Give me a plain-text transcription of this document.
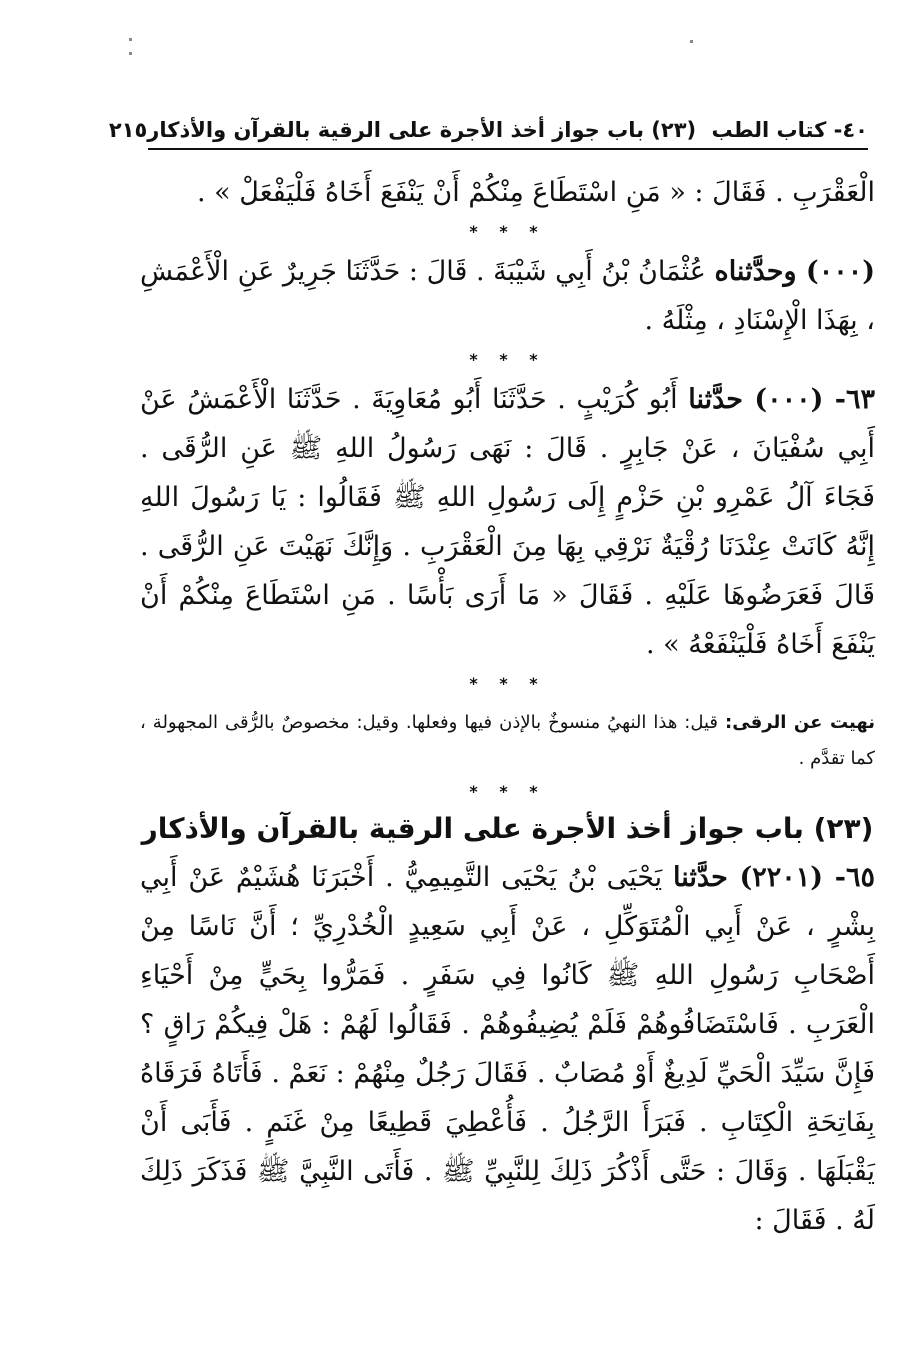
٤٠- كتاب الطب (٢٣) باب جواز أخذ الأجرة على الرقية بالقرآن والأذكار
٢١٥

الْعَقْرَبِ . فَقَالَ : « مَنِ اسْتَطَاعَ مِنْكُمْ أَنْ يَنْفَعَ أَخَاهُ فَلْيَفْعَلْ » .

* * *

(٠٠٠) وحدَّثناه عُثْمَانُ بْنُ أَبِي شَيْبَةَ . قَالَ : حَدَّثَنَا جَرِيرٌ عَنِ الْأَعْمَشِ ، بِهَذَا الْإِسْنَادِ ، مِثْلَهُ .

* * *

٦٣- (٠٠٠) حدَّثنا أَبُو كُرَيْبٍ . حَدَّثَنَا أَبُو مُعَاوِيَةَ . حَدَّثَنَا الْأَعْمَشُ عَنْ أَبِي سُفْيَانَ ، عَنْ جَابِرٍ . قَالَ : نَهَى رَسُولُ اللهِ ﷺ عَنِ الرُّقَى . فَجَاءَ آلُ عَمْرِو بْنِ حَزْمٍ إِلَى رَسُولِ اللهِ ﷺ فَقَالُوا : يَا رَسُولَ اللهِ إِنَّهُ كَانَتْ عِنْدَنَا رُقْيَةٌ نَرْقِي بِهَا مِنَ الْعَقْرَبِ . وَإِنَّكَ نَهَيْتَ عَنِ الرُّقَى . قَالَ فَعَرَضُوهَا عَلَيْهِ . فَقَالَ « مَا أَرَى بَأْسًا . مَنِ اسْتَطَاعَ مِنْكُمْ أَنْ يَنْفَعَ أَخَاهُ فَلْيَنْفَعْهُ » .

* * *

نهيت عن الرقى: قيل: هذا النهيُ منسوخٌ بالإذن فيها وفعلها. وقيل: مخصوصٌ بالرُّقى المجهولة ، كما تقدَّم .

* * *
(٢٣) باب جواز أخذ الأجرة على الرقية بالقرآن والأذكار

٦٥- (٢٢٠١) حدَّثنا يَحْيَى بْنُ يَحْيَى التَّمِيمِيُّ . أَخْبَرَنَا هُشَيْمٌ عَنْ أَبِي بِشْرٍ ، عَنْ أَبِي الْمُتَوَكِّلِ ، عَنْ أَبِي سَعِيدٍ الْخُدْرِيِّ ؛ أَنَّ نَاسًا مِنْ أَصْحَابِ رَسُولِ اللهِ ﷺ كَانُوا فِي سَفَرٍ . فَمَرُّوا بِحَيٍّ مِنْ أَحْيَاءِ الْعَرَبِ . فَاسْتَضَافُوهُمْ فَلَمْ يُضِيفُوهُمْ . فَقَالُوا لَهُمْ : هَلْ فِيكُمْ رَاقٍ ؟ فَإِنَّ سَيِّدَ الْحَيِّ لَدِيغٌ أَوْ مُصَابٌ . فَقَالَ رَجُلٌ مِنْهُمْ : نَعَمْ . فَأَتَاهُ فَرَقَاهُ بِفَاتِحَةِ الْكِتَابِ . فَبَرَأَ الرَّجُلُ . فَأُعْطِيَ قَطِيعًا مِنْ غَنَمٍ . فَأَبَى أَنْ يَقْبَلَهَا . وَقَالَ : حَتَّى أَذْكُرَ ذَلِكَ لِلنَّبِيِّ ﷺ . فَأَتَى النَّبِيَّ ﷺ فَذَكَرَ ذَلِكَ لَهُ . فَقَالَ :
